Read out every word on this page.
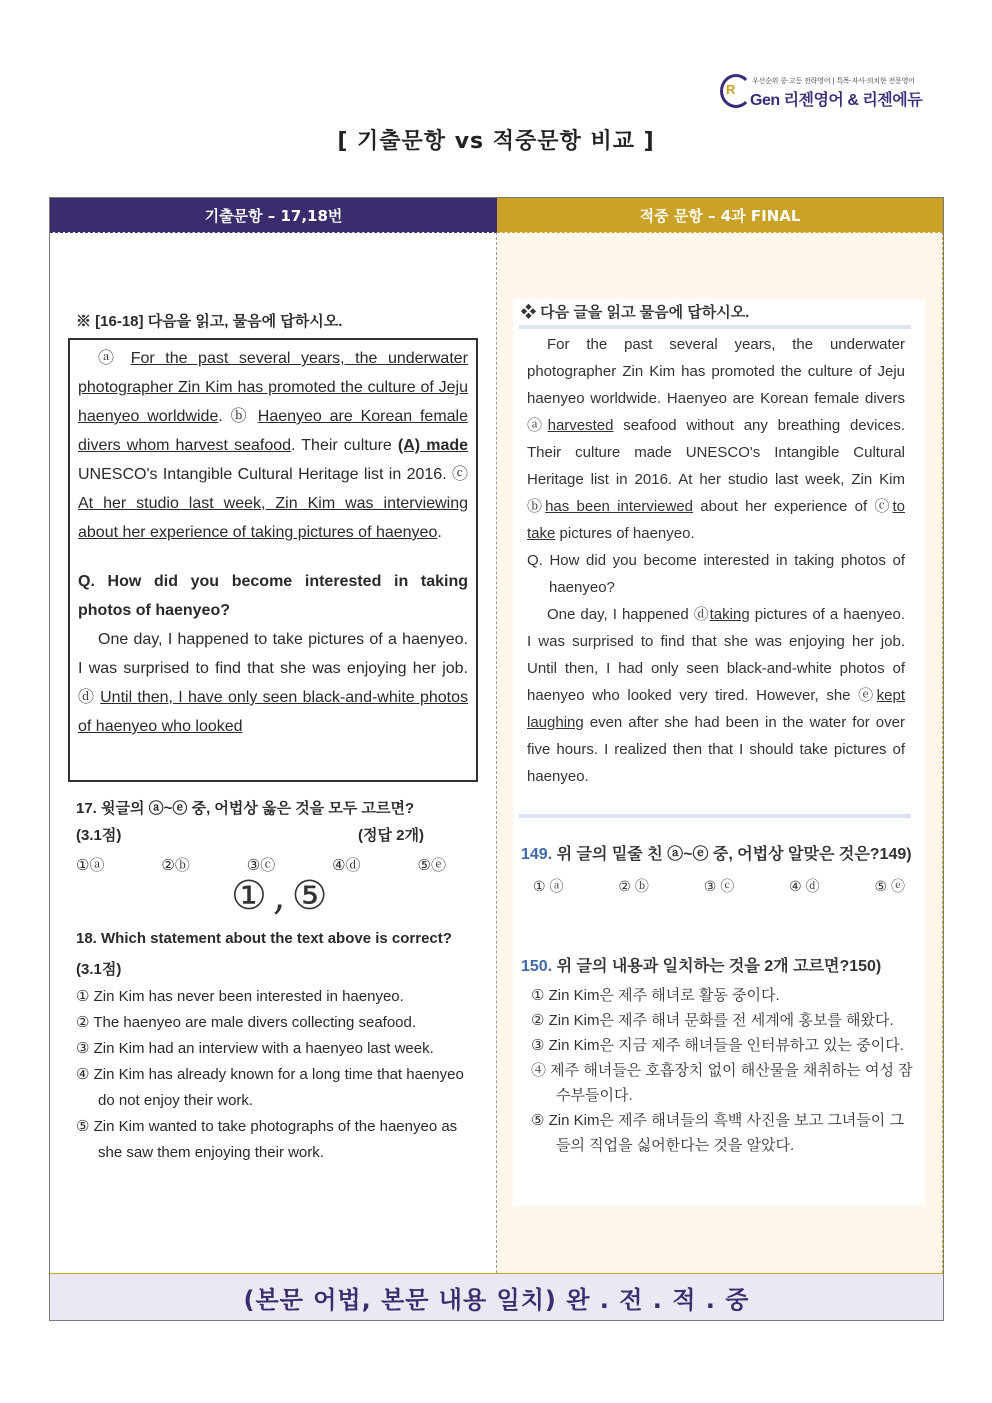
R
우선순위 중·고등 전략영어 | 특목·자사·의치한 전문영어
Gen 리젠영어 & 리젠에듀
[ 기출문항 vs 적중문항 비교 ]
기출문항 – 17,18번	적중 문항 – 4과 FINAL
(본문 어법, 본문 내용 일치) 완 . 전 . 적 . 중
※ [16-18] 다음을 읽고, 물음에 답하시오.

ⓐ For the past several years, the underwater photographer Zin Kim has promoted the culture of Jeju haenyeo worldwide. ⓑ Haenyeo are Korean female divers whom harvest seafood. Their culture (A) made UNESCO's Intangible Cultural Heritage list in 2016. ⓒ At her studio last week, Zin Kim was interviewing about her experience of taking pictures of haenyeo.

Q. How did you become interested in taking photos of haenyeo?

One day, I happened to take pictures of a haenyeo. I was surprised to find that she was enjoying her job. ⓓ Until then, I have only seen black-and-white photos of haenyeo who looked

17. 윗글의 ⓐ~ⓔ 중, 어법상 옳은 것을 모두 고르면?
(3.1점)	(정답 2개)
①ⓐ	②ⓑ	③ⓒ	④ⓓ	⑤ⓔ
①,⑤
18. Which statement about the text above is correct?
(3.1점)
① Zin Kim has never been interested in haenyeo.
② The haenyeo are male divers collecting seafood.
③ Zin Kim had an interview with a haenyeo last week.
④ Zin Kim has already known for a long time that haenyeo do not enjoy their work.
⑤ Zin Kim wanted to take photographs of the haenyeo as she saw them enjoying their work.
❖ 다음 글을 읽고 물음에 답하시오.

For the past several years, the underwater photographer Zin Kim has promoted the culture of Jeju haenyeo worldwide. Haenyeo are Korean female divers ⓐharvested seafood without any breathing devices. Their culture made UNESCO's Intangible Cultural Heritage list in 2016. At her studio last week, Zin Kim ⓑhas been interviewed about her experience of ⓒto take pictures of haenyeo.

Q. How did you become interested in taking photos of haenyeo?

One day, I happened ⓓtaking pictures of a haenyeo. I was surprised to find that she was enjoying her job. Until then, I had only seen black-and-white photos of haenyeo who looked very tired. However, she ⓔkept laughing even after she had been in the water for over five hours. I realized then that I should take pictures of haenyeo.

149. 위 글의 밑줄 친 ⓐ~ⓔ 중, 어법상 알맞은 것은?149)
① ⓐ	② ⓑ	③ ⓒ	④ ⓓ	⑤ ⓔ
150. 위 글의 내용과 일치하는 것을 2개 고르면?150)
① Zin Kim은 제주 해녀로 활동 중이다.
② Zin Kim은 제주 해녀 문화를 전 세계에 홍보를 해왔다.
③ Zin Kim은 지금 제주 해녀들을 인터뷰하고 있는 중이다.
④ 제주 해녀들은 호흡장치 없이 해산물을 채취하는 여성 잠수부들이다.
⑤ Zin Kim은 제주 해녀들의 흑백 사진을 보고 그녀들이 그들의 직업을 싫어한다는 것을 알았다.
